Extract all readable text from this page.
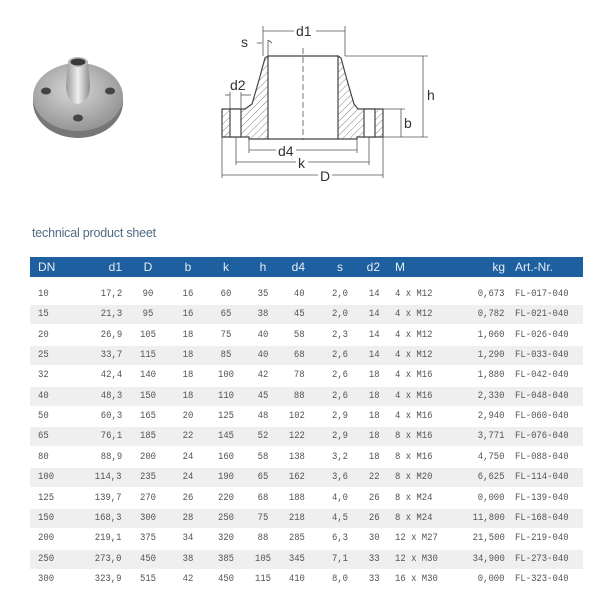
d1
s
d2
h
b
d4
k
D
technical product sheet
DN	d1	D	b	k	h	d4	s	d2 M	kg Art.-Nr.
10	17,2	90	16	60	35	40	2,0	14 4 x M12	0,673 FL-017-040
15	21,3	95	16	65	38	45	2,0	14 4 x M12	0,782 FL-021-040
20	26,9	105	18	75	40	58	2,3	14 4 x M12	1,060 FL-026-040
25	33,7	115	18	85	40	68	2,6	14 4 x M12	1,290 FL-033-040
32	42,4	140	18	100	42	78	2,6	18 4 x M16	1,880 FL-042-040
40	48,3	150	18	110	45	88	2,6	18 4 x M16	2,330 FL-048-040
50	60,3	165	20	125	48	102	2,9	18 4 x M16	2,940 FL-060-040
65	76,1	185	22	145	52	122	2,9	18 8 x M16	3,771 FL-076-040
80	88,9	200	24	160	58	138	3,2	18 8 x M16	4,750 FL-088-040
100	114,3	235	24	190	65	162	3,6	22 8 x M20	6,625 FL-114-040
125	139,7	270	26	220	68	188	4,0	26 8 x M24	0,000 FL-139-040
150	168,3	300	28	250	75	218	4,5	26 8 x M24	11,800 FL-168-040
200	219,1	375	34	320	88	285	6,3	30 12 x M27	21,500 FL-219-040
250	273,0	450	38	385	105	345	7,1	33 12 x M30	34,900 FL-273-040
300	323,9	515	42	450	115	410	8,0	33 16 x M30	0,000 FL-323-040
